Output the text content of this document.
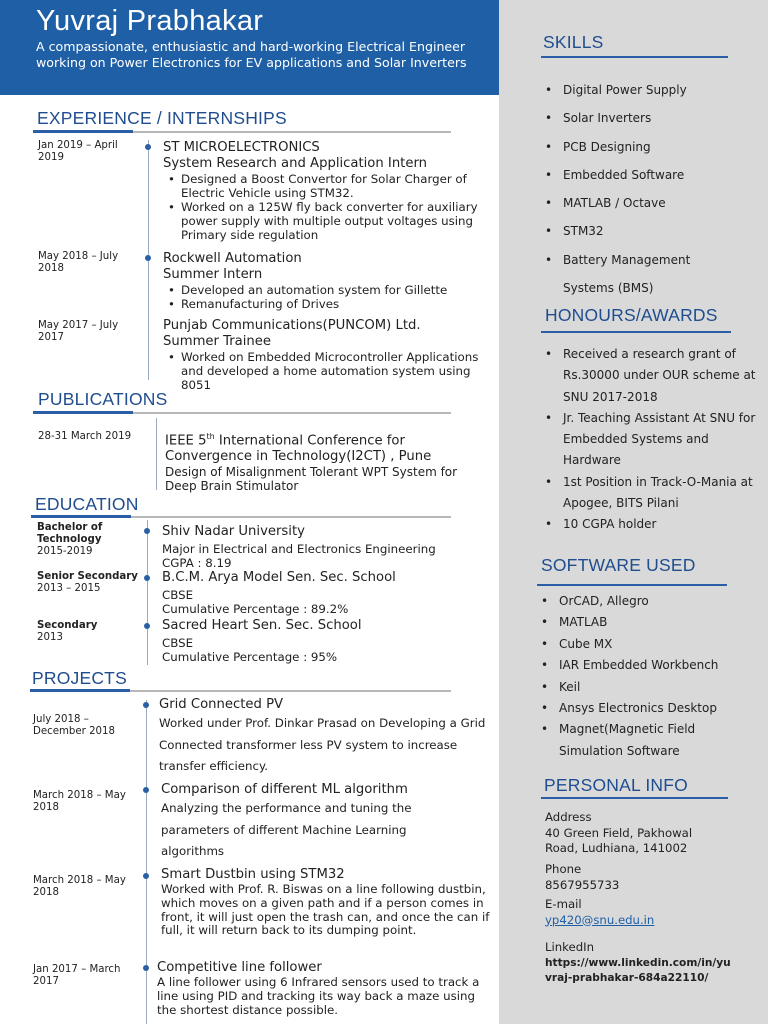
Yuvraj Prabhakar
A compassionate, enthusiastic and hard-working Electrical Engineer working on Power Electronics for EV applications and Solar Inverters
EXPERIENCE / INTERNSHIPS
Jan 2019 – April 2019
ST MICROELECTRONICS
System Research and Application Intern
• Designed a Boost Convertor for Solar Charger of Electric Vehicle using STM32.
• Worked on a 125W fly back converter for auxiliary power supply with multiple output voltages using Primary side regulation
May 2018 – July 2018
Rockwell Automation
Summer Intern
• Developed an automation system for Gillette
• Remanufacturing of Drives
May 2017 – July 2017
Punjab Communications(PUNCOM) Ltd.
Summer Trainee
• Worked on Embedded Microcontroller Applications and developed a home automation system using 8051
PUBLICATIONS
28-31 March 2019	IEEE 5th International Conference for
Convergence in Technology(I2CT) , Pune
Design of Misalignment Tolerant WPT System for Deep Brain Stimulator
EDUCATION
Bachelor of Technology
2015-2019
Shiv Nadar University
Major in Electrical and Electronics Engineering
CGPA : 8.19
Senior Secondary
2013 – 2015
B.C.M. Arya Model Sen. Sec. School
CBSE
Cumulative Percentage : 89.2%
Secondary
2013
Sacred Heart Sen. Sec. School
CBSE
Cumulative Percentage : 95%
PROJECTS
July 2018 – December 2018
Grid Connected PV
Worked under Prof. Dinkar Prasad on Developing a Grid Connected transformer less PV system to increase transfer efficiency.
March 2018 – May 2018
Comparison of different ML algorithm
Analyzing the performance and tuning the parameters of different Machine Learning algorithms
March 2018 – May 2018
Smart Dustbin using STM32
Worked with Prof. R. Biswas on a line following dustbin, which moves on a given path and if a person comes in front, it will just open the trash can, and once the can if full, it will return back to its dumping point.
Jan 2017 – March 2017
Competitive line follower
A line follower using 6 Infrared sensors used to track a line using PID and tracking its way back a maze using the shortest distance possible.
SKILLS
• Digital Power Supply
• Solar Inverters
• PCB Designing
• Embedded Software
• MATLAB / Octave
• STM32
• Battery Management Systems (BMS)
HONOURS/AWARDS
• Received a research grant of Rs.30000 under OUR scheme at SNU 2017-2018
• Jr. Teaching Assistant At SNU for Embedded Systems and Hardware
• 1st Position in Track-O-Mania at Apogee, BITS Pilani
• 10 CGPA holder
SOFTWARE USED
• OrCAD, Allegro
• MATLAB
• Cube MX
• IAR Embedded Workbench
• Keil
• Ansys Electronics Desktop
• Magnet(Magnetic Field Simulation Software
PERSONAL INFO
Address
40 Green Field, Pakhowal
Road, Ludhiana, 141002
Phone
8567955733
E-mail
yp420@snu.edu.in
LinkedIn
https://www.linkedin.com/in/yu
vraj-prabhakar-684a22110/
